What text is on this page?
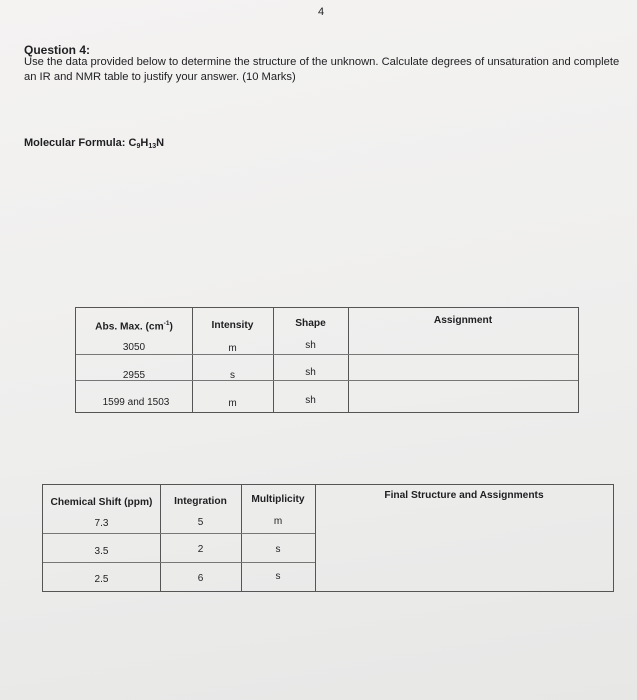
4
Question 4:
Use the data provided below to determine the structure of the unknown. Calculate degrees of unsaturation and complete an IR and NMR table to justify your answer. (10 Marks)
Molecular Formula: $C_9H_{13}N$
Abs. Max. $(cm^{-1})$	Intensity	Shape	Assignment
3050	m	sh
2955	s	sh
1599 and 1503	m	sh
Chemical Shift (ppm)	Integration	Multiplicity	Final Structure and Assignments
7.3	5	m
3.5	2	s
2.5	6	s
